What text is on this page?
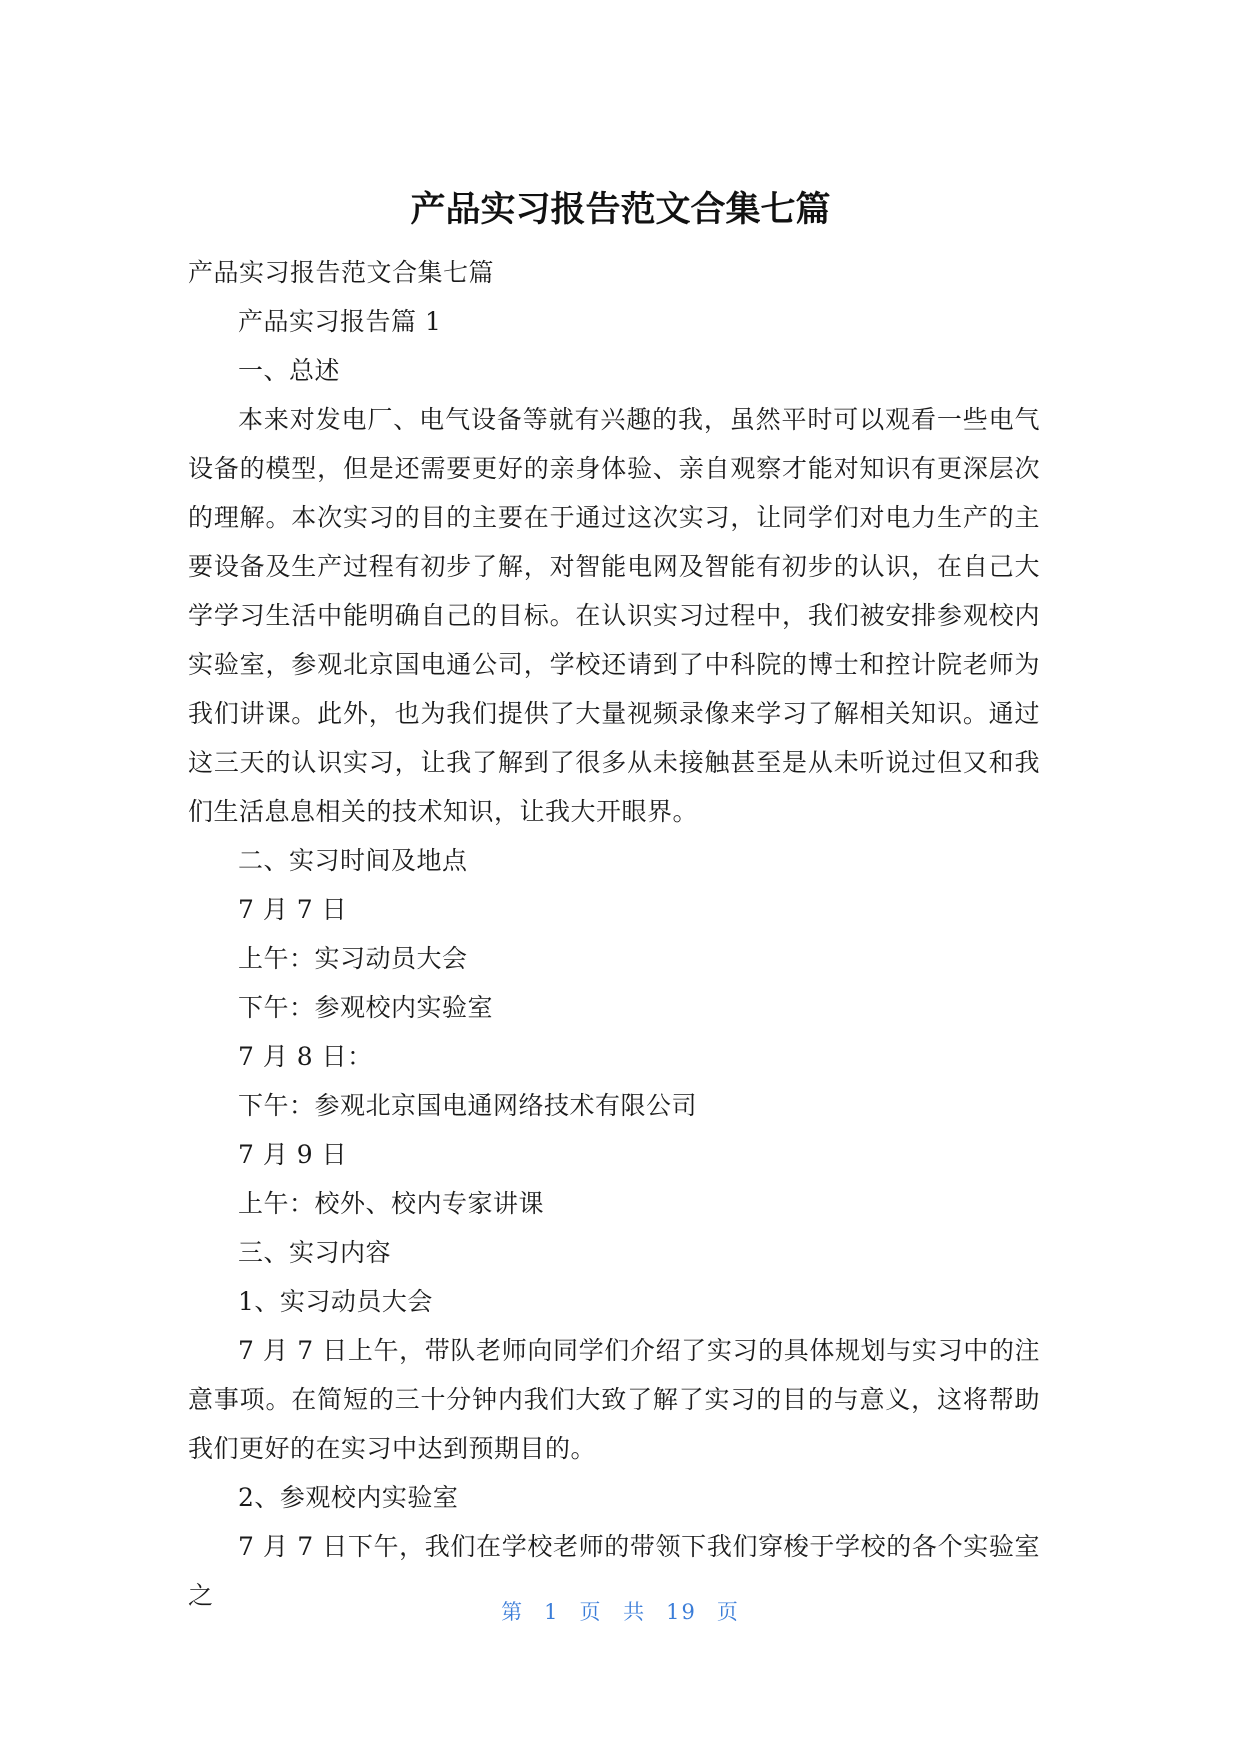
产品实习报告范文合集七篇

产品实习报告范文合集七篇

产品实习报告篇 1

一、总述

本来对发电厂、电气设备等就有兴趣的我，虽然平时可以观看一些电气设备的模型，但是还需要更好的亲身体验、亲自观察才能对知识有更深层次的理解。本次实习的目的主要在于通过这次实习，让同学们对电力生产的主要设备及生产过程有初步了解，对智能电网及智能有初步的认识，在自己大学学习生活中能明确自己的目标。在认识实习过程中，我们被安排参观校内实验室，参观北京国电通公司，学校还请到了中科院的博士和控计院老师为我们讲课。此外，也为我们提供了大量视频录像来学习了解相关知识。通过这三天的认识实习，让我了解到了很多从未接触甚至是从未听说过但又和我们生活息息相关的技术知识，让我大开眼界。

二、实习时间及地点

7 月 7 日

上午：实习动员大会

下午：参观校内实验室

7 月 8 日：

下午：参观北京国电通网络技术有限公司

7 月 9 日

上午：校外、校内专家讲课

三、实习内容

1、实习动员大会

7 月 7 日上午，带队老师向同学们介绍了实习的具体规划与实习中的注意事项。在简短的三十分钟内我们大致了解了实习的目的与意义，这将帮助我们更好的在实习中达到预期目的。

2、参观校内实验室

7 月 7 日下午，我们在学校老师的带领下我们穿梭于学校的各个实验室之

第 1 页 共 19 页
